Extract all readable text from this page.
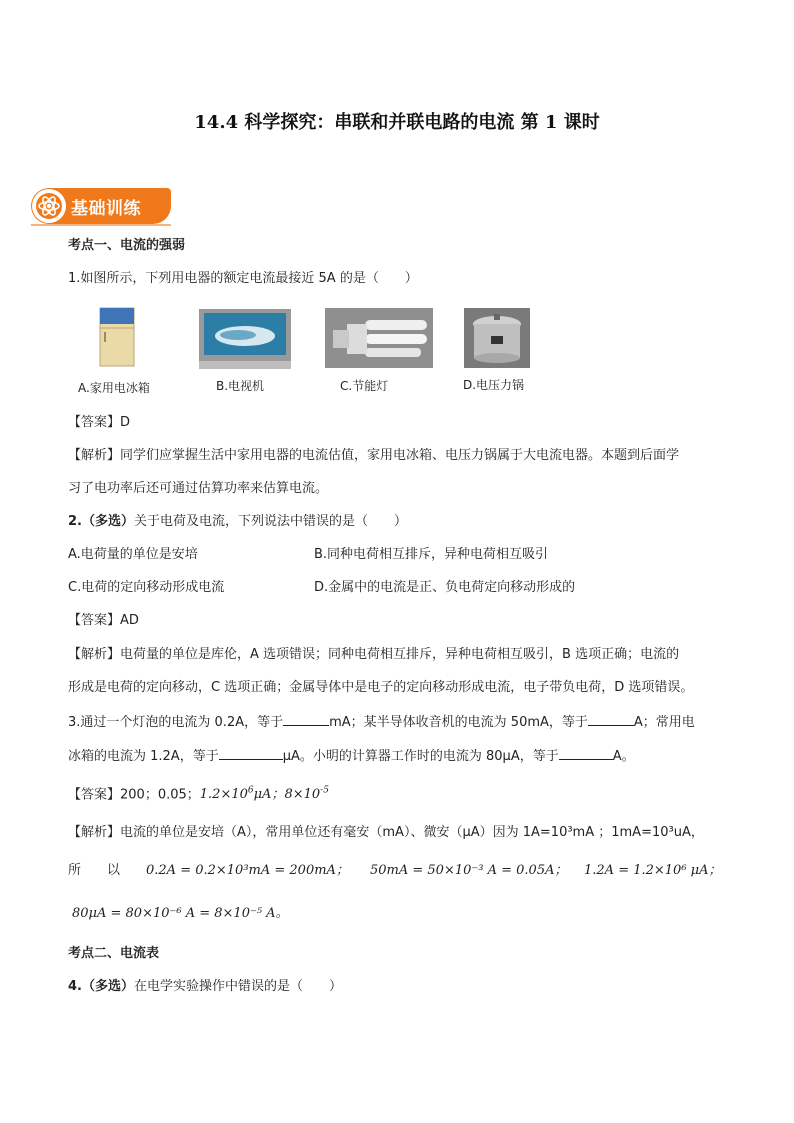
14.4 科学探究：串联和并联电路的电流 第 1 课时
基础训练
考点一、电流的强弱
1.如图所示，下列用电器的额定电流最接近 5A 的是（　　）
A.家用电冰箱	B.电视机	C.节能灯	D.电压力锅
【答案】D
【解析】同学们应掌握生活中家用电器的电流估值，家用电冰箱、电压力锅属于大电流电器。本题到后面学
习了电功率后还可通过估算功率来估算电流。
2.（多选）关于电荷及电流，下列说法中错误的是（　　）
A.电荷量的单位是安培	B.同种电荷相互排斥，异种电荷相互吸引
C.电荷的定向移动形成电流	D.金属中的电流是正、负电荷定向移动形成的
【答案】AD
【解析】电荷量的单位是库伦，A 选项错误；同种电荷相互排斥，异种电荷相互吸引，B 选项正确；电流的
形成是电荷的定向移动，C 选项正确；金属导体中是电子的定向移动形成电流，电子带负电荷，D 选项错误。
3.通过一个灯泡的电流为 0.2A，等于	mA；某半导体收音机的电流为 50mA，等于	A；常用电
冰箱的电流为 1.2A，等于	μA。小明的计算器工作时的电流为 80μA，等于	A。
【答案】200；0.05；$1.2\times 10^6\mu A$；$8\times 10^{-5}$
【解析】电流的单位是安培（A），常用单位还有毫安（mA）、微安（μA）因为 1A=10³mA ；1mA=10³uA，
所　　以 0.2A = 0.2×10³mA = 200mA； 50mA = 50×10⁻³ A = 0.05A； 1.2A = 1.2×10⁶ μA；
80μA = 80×10⁻⁶ A = 8×10⁻⁵ A。
考点二、电流表
4.（多选）在电学实验操作中错误的是（　　）
